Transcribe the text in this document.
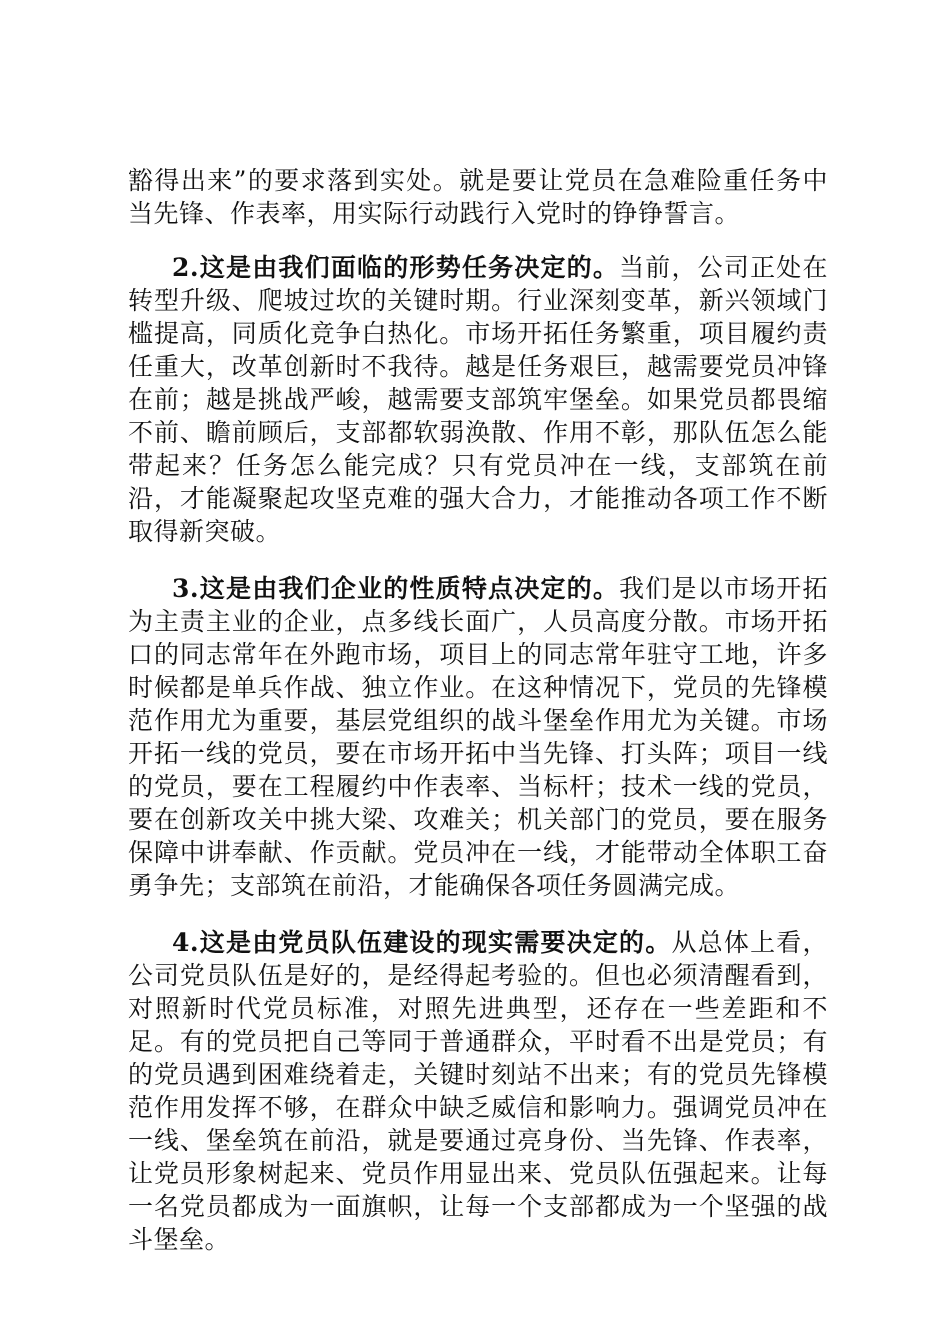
豁得出来”的要求落到实处。就是要让党员在急难险重任务中当先锋、作表率，用实际行动践行入党时的铮铮誓言。

2.这是由我们面临的形势任务决定的。当前，公司正处在转型升级、爬坡过坎的关键时期。行业深刻变革，新兴领域门槛提高，同质化竞争白热化。市场开拓任务繁重，项目履约责任重大，改革创新时不我待。越是任务艰巨，越需要党员冲锋在前；越是挑战严峻，越需要支部筑牢堡垒。如果党员都畏缩不前、瞻前顾后，支部都软弱涣散、作用不彰，那队伍怎么能带起来？任务怎么能完成？只有党员冲在一线，支部筑在前沿，才能凝聚起攻坚克难的强大合力，才能推动各项工作不断取得新突破。

3.这是由我们企业的性质特点决定的。我们是以市场开拓为主责主业的企业，点多线长面广，人员高度分散。市场开拓口的同志常年在外跑市场，项目上的同志常年驻守工地，许多时候都是单兵作战、独立作业。在这种情况下，党员的先锋模范作用尤为重要，基层党组织的战斗堡垒作用尤为关键。市场开拓一线的党员，要在市场开拓中当先锋、打头阵；项目一线的党员，要在工程履约中作表率、当标杆；技术一线的党员，要在创新攻关中挑大梁、攻难关；机关部门的党员，要在服务保障中讲奉献、作贡献。党员冲在一线，才能带动全体职工奋勇争先；支部筑在前沿，才能确保各项任务圆满完成。

4.这是由党员队伍建设的现实需要决定的。从总体上看，公司党员队伍是好的，是经得起考验的。但也必须清醒看到，对照新时代党员标准，对照先进典型，还存在一些差距和不足。有的党员把自己等同于普通群众，平时看不出是党员；有的党员遇到困难绕着走，关键时刻站不出来；有的党员先锋模范作用发挥不够，在群众中缺乏威信和影响力。强调党员冲在一线、堡垒筑在前沿，就是要通过亮身份、当先锋、作表率，让党员形象树起来、党员作用显出来、党员队伍强起来。让每一名党员都成为一面旗帜，让每一个支部都成为一个坚强的战斗堡垒。
